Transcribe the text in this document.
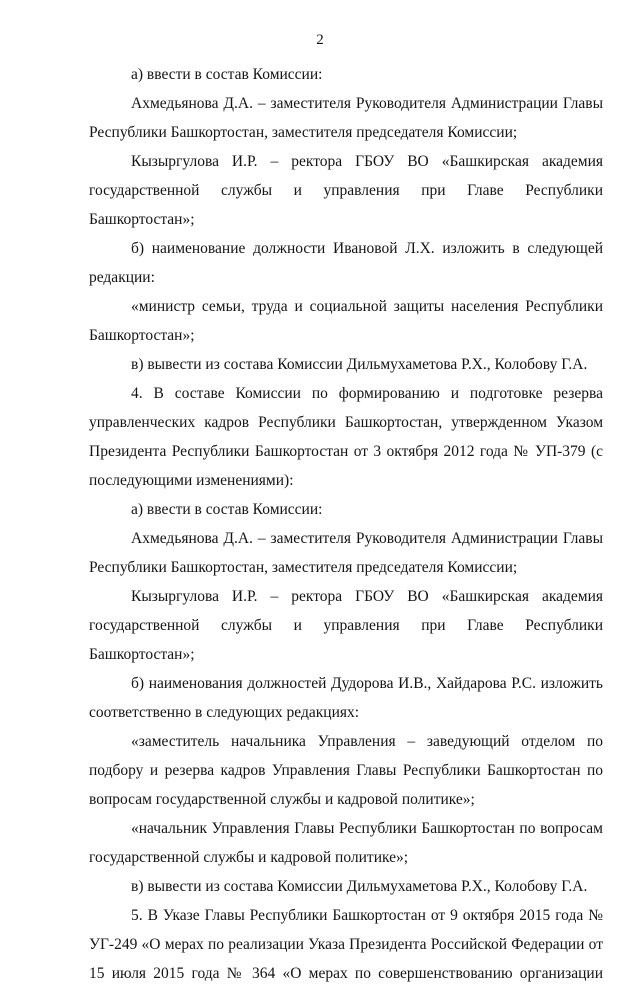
2

а) ввести в состав Комиссии:

Ахмедьянова Д.А. – заместителя Руководителя Администрации Главы Республики Башкортостан, заместителя председателя Комиссии;

Кызыргулова И.Р. – ректора ГБОУ ВО «Башкирская академия государственной службы и управления при Главе Республики Башкортостан»;

б) наименование должности Ивановой Л.Х. изложить в следующей редакции:

«министр семьи, труда и социальной защиты населения Республики Башкортостан»;

в) вывести из состава Комиссии Дильмухаметова Р.Х., Колобову Г.А.

4. В составе Комиссии по формированию и подготовке резерва управленческих кадров Республики Башкортостан, утвержденном Указом Президента Республики Башкортостан от 3 октября 2012 года № УП-379 (с последующими изменениями):

а) ввести в состав Комиссии:

Ахмедьянова Д.А. – заместителя Руководителя Администрации Главы Республики Башкортостан, заместителя председателя Комиссии;

Кызыргулова И.Р. – ректора ГБОУ ВО «Башкирская академия государственной службы и управления при Главе Республики Башкортостан»;

б) наименования должностей Дудорова И.В., Хайдарова Р.С. изложить соответственно в следующих редакциях:

«заместитель начальника Управления – заведующий отделом по подбору и резерва кадров Управления Главы Республики Башкортостан по вопросам государственной службы и кадровой политике»;

«начальник Управления Главы Республики Башкортостан по вопросам государственной службы и кадровой политике»;

в) вывести из состава Комиссии Дильмухаметова Р.Х., Колобову Г.А.

5. В Указе Главы Республики Башкортостан от 9 октября 2015 года № УГ-249 «О мерах по реализации Указа Президента Российской Федерации от 15 июля 2015 года № 364 «О мерах по совершенствованию организации
